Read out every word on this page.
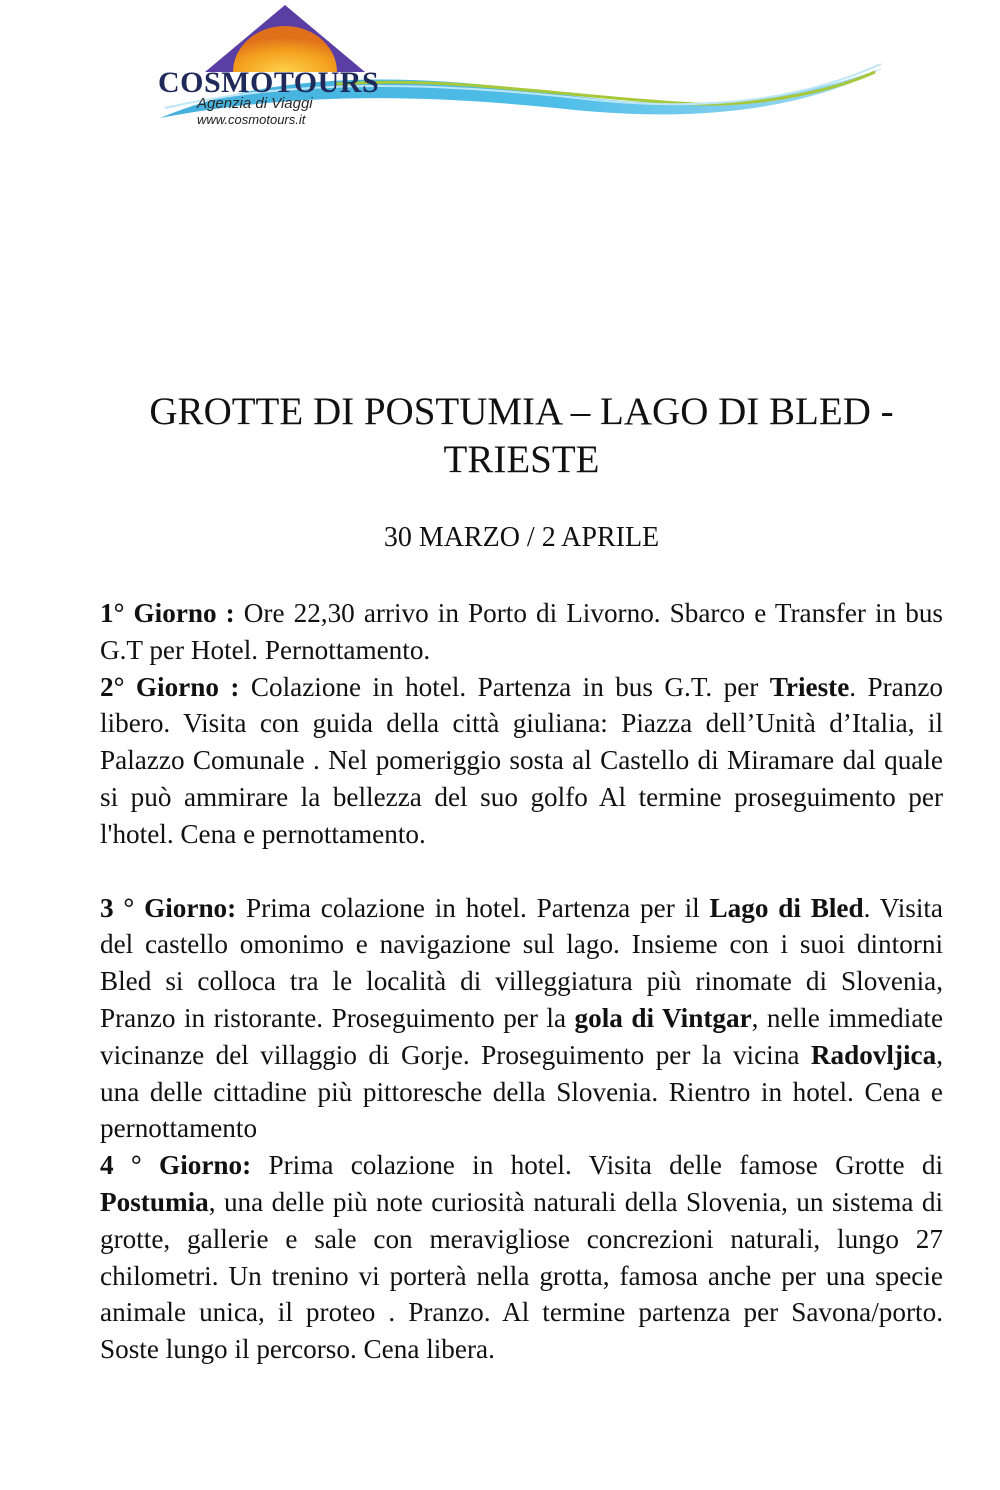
COSMOTOURS

Agenzia di Viaggi

www.cosmotours.it

GROTTE DI POSTUMIA – LAGO DI BLED - TRIESTE

30 MARZO / 2 APRILE

1° Giorno : Ore 22,30 arrivo in Porto di Livorno. Sbarco e Transfer in bus G.T per Hotel. Pernottamento.

2° Giorno : Colazione in hotel. Partenza in bus G.T. per Trieste. Pranzo libero. Visita con guida della città giuliana: Piazza dell’Unità d’Italia, il Palazzo Comunale . Nel pomeriggio sosta al Castello di Miramare dal quale si può ammirare la bellezza del suo golfo Al termine proseguimento per l'hotel. Cena e pernottamento.

3 ° Giorno: Prima colazione in hotel. Partenza per il Lago di Bled. Visita del castello omonimo e navigazione sul lago. Insieme con i suoi dintorni Bled si colloca tra le località di villeggiatura più rinomate di Slovenia, Pranzo in ristorante. Proseguimento per la gola di Vintgar, nelle immediate vicinanze del villaggio di Gorje. Proseguimento per la vicina Radovljica, una delle cittadine più pittoresche della Slovenia. Rientro in hotel. Cena e pernottamento

4 ° Giorno: Prima colazione in hotel. Visita delle famose Grotte di Postumia, una delle più note curiosità naturali della Slovenia, un sistema di grotte, gallerie e sale con meravigliose concrezioni naturali, lungo 27 chilometri. Un trenino vi porterà nella grotta, famosa anche per una specie animale unica, il proteo . Pranzo. Al termine partenza per Savona/porto. Soste lungo il percorso. Cena libera.
